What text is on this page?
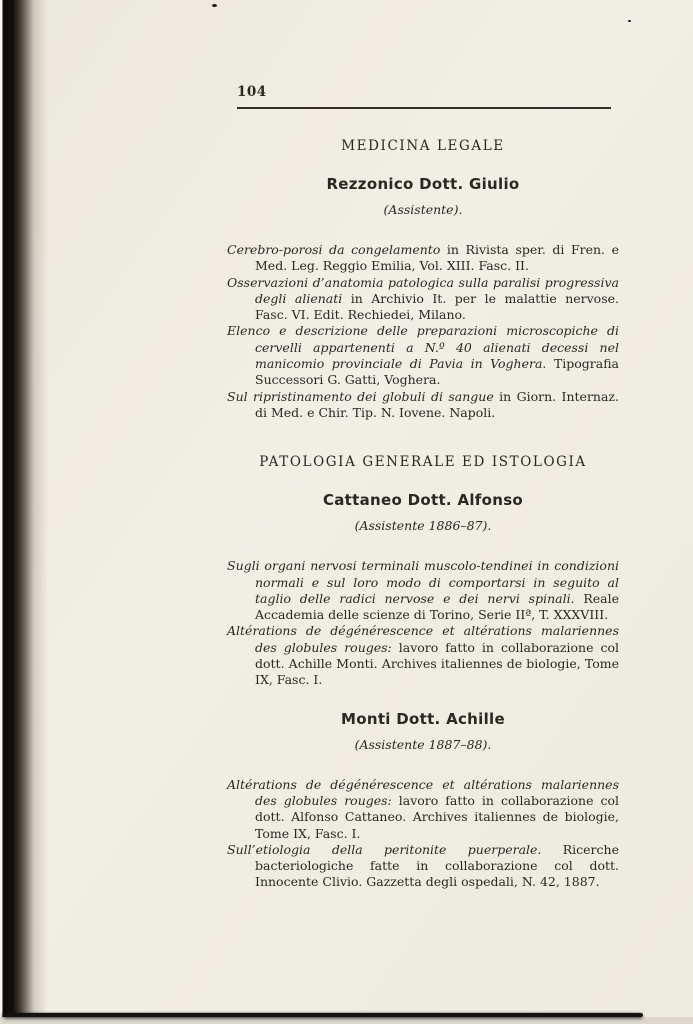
104

MEDICINA LEGALE
Rezzonico Dott. Giulio

(Assistente).

Cerebro-porosi da congelamento in Rivista sper. di Fren. e Med. Leg. Reggio Emilia, Vol. XIII. Fasc. II.

Osservazioni d’anatomia patologica sulla paralisi progressiva degli alienati in Archivio It. per le malattie nervose. Fasc. VI. Edit. Rechiedei, Milano.

Elenco e descrizione delle preparazioni microscopiche di cervelli appartenenti a N.º 40 alienati decessi nel manicomio provinciale di Pavia in Voghera. Tipografia Successori G. Gatti, Voghera.

Sul ripristinamento dei globuli di sangue in Giorn. Internaz. di Med. e Chir. Tip. N. Iovene. Napoli.

PATOLOGIA GENERALE ED ISTOLOGIA
Cattaneo Dott. Alfonso

(Assistente 1886–87).

Sugli organi nervosi terminali muscolo-tendinei in condizioni normali e sul loro modo di comportarsi in seguito al taglio delle radici nervose e dei nervi spinali. Reale Accademia delle scienze di Torino, Serie IIª, T. XXXVIII.

Altérations de dégénérescence et altérations malariennes des globules rouges: lavoro fatto in collaborazione col dott. Achille Monti. Archives italiennes de biologie, Tome IX, Fasc. I.

Monti Dott. Achille

(Assistente 1887–88).

Altérations de dégénérescence et altérations malariennes des globules rouges: lavoro fatto in collaborazione col dott. Alfonso Cattaneo. Archives italiennes de biologie, Tome IX, Fasc. I.

Sull’etiologia della peritonite puerperale. Ricerche bacteriologiche fatte in collaborazione col dott. Innocente Clivio. Gazzetta degli ospedali, N. 42, 1887.
